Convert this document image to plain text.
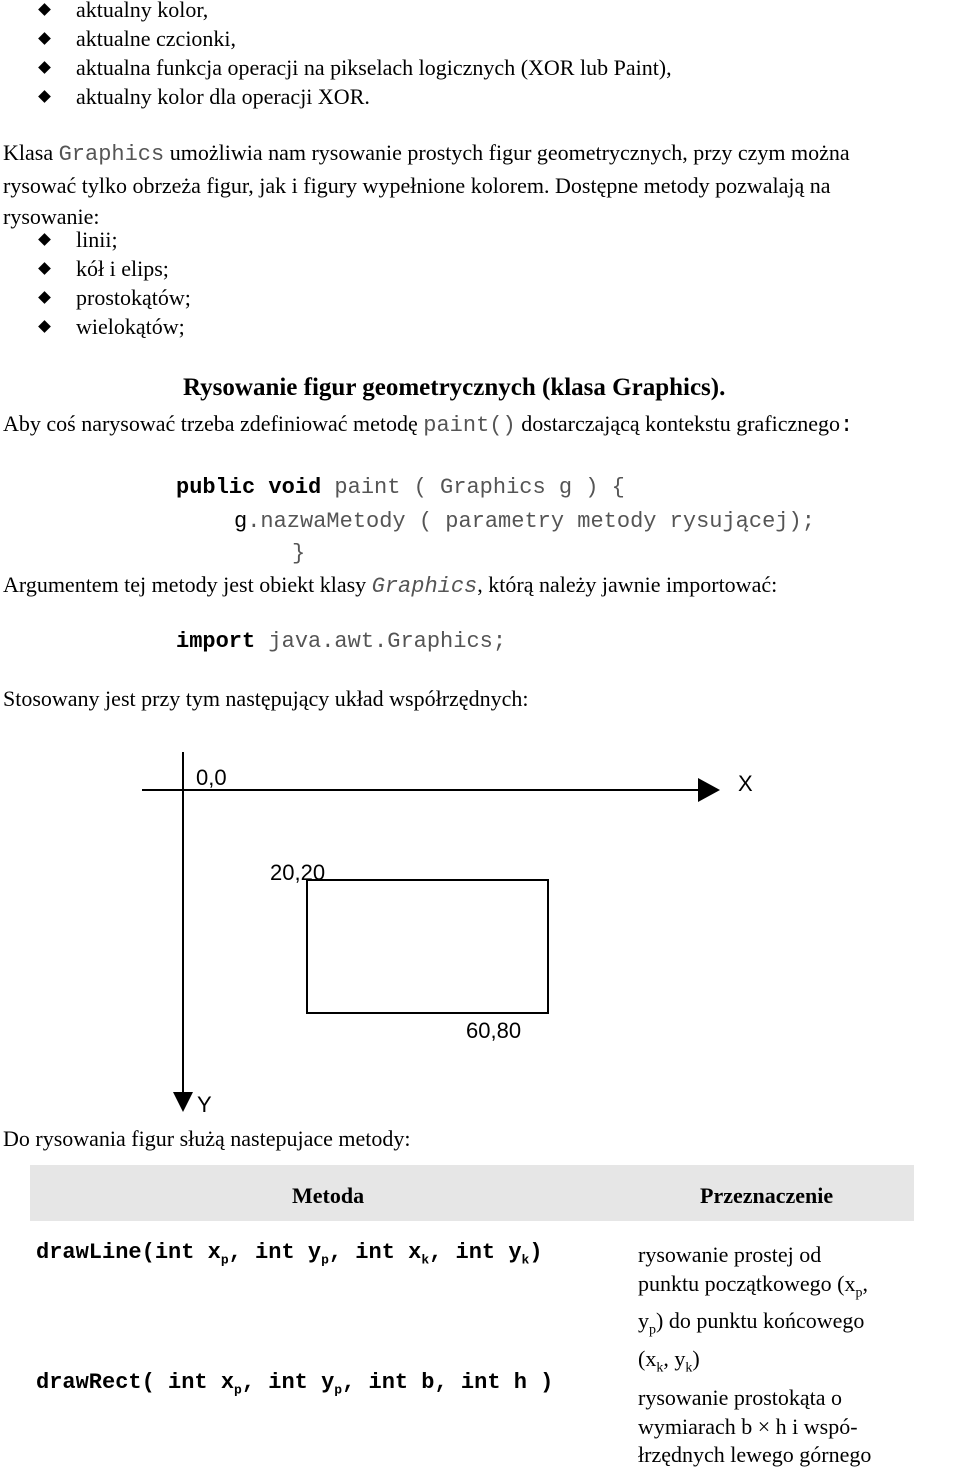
aktualny kolor,
aktualne czcionki,
aktualna funkcja operacji na pikselach logicznych (XOR lub Paint),
aktualny kolor dla operacji XOR.
Klasa Graphics umożliwia nam rysowanie prostych figur geometrycznych, przy czym można
rysować tylko obrzeża figur, jak i figury wypełnione kolorem. Dostępne metody pozwalają na
rysowanie:
linii;
kół i elips;
prostokątów;
wielokątów;
Rysowanie figur geometrycznych (klasa Graphics).
Aby coś narysować trzeba zdefiniować metodę paint() dostarczającą kontekstu graficznego:
public void paint ( Graphics g ) {
g.nazwaMetody ( parametry metody rysującej);
}
Argumentem tej metody jest obiekt klasy Graphics, którą należy jawnie importować:
import java.awt.Graphics;
Stosowany jest przy tym następujący układ współrzędnych:
0,0	X
20,20
60,80
Y
Do rysowania figur służą nastepujace metody:
Metoda	Przeznaczenie
drawLine(int $x_p$, int $y_p$, int $x_k$, int $y_k$)	rysowanie prostej od
punktu początkowego ($x_p$,
$y_p$) do punktu końcowego
($x_k$, $y_k$)
drawRect( int $x_p$, int $y_p$, int b, int h )
rysowanie prostokąta o
wymiarach b × h i wspó-
łrzędnych lewego górnego
